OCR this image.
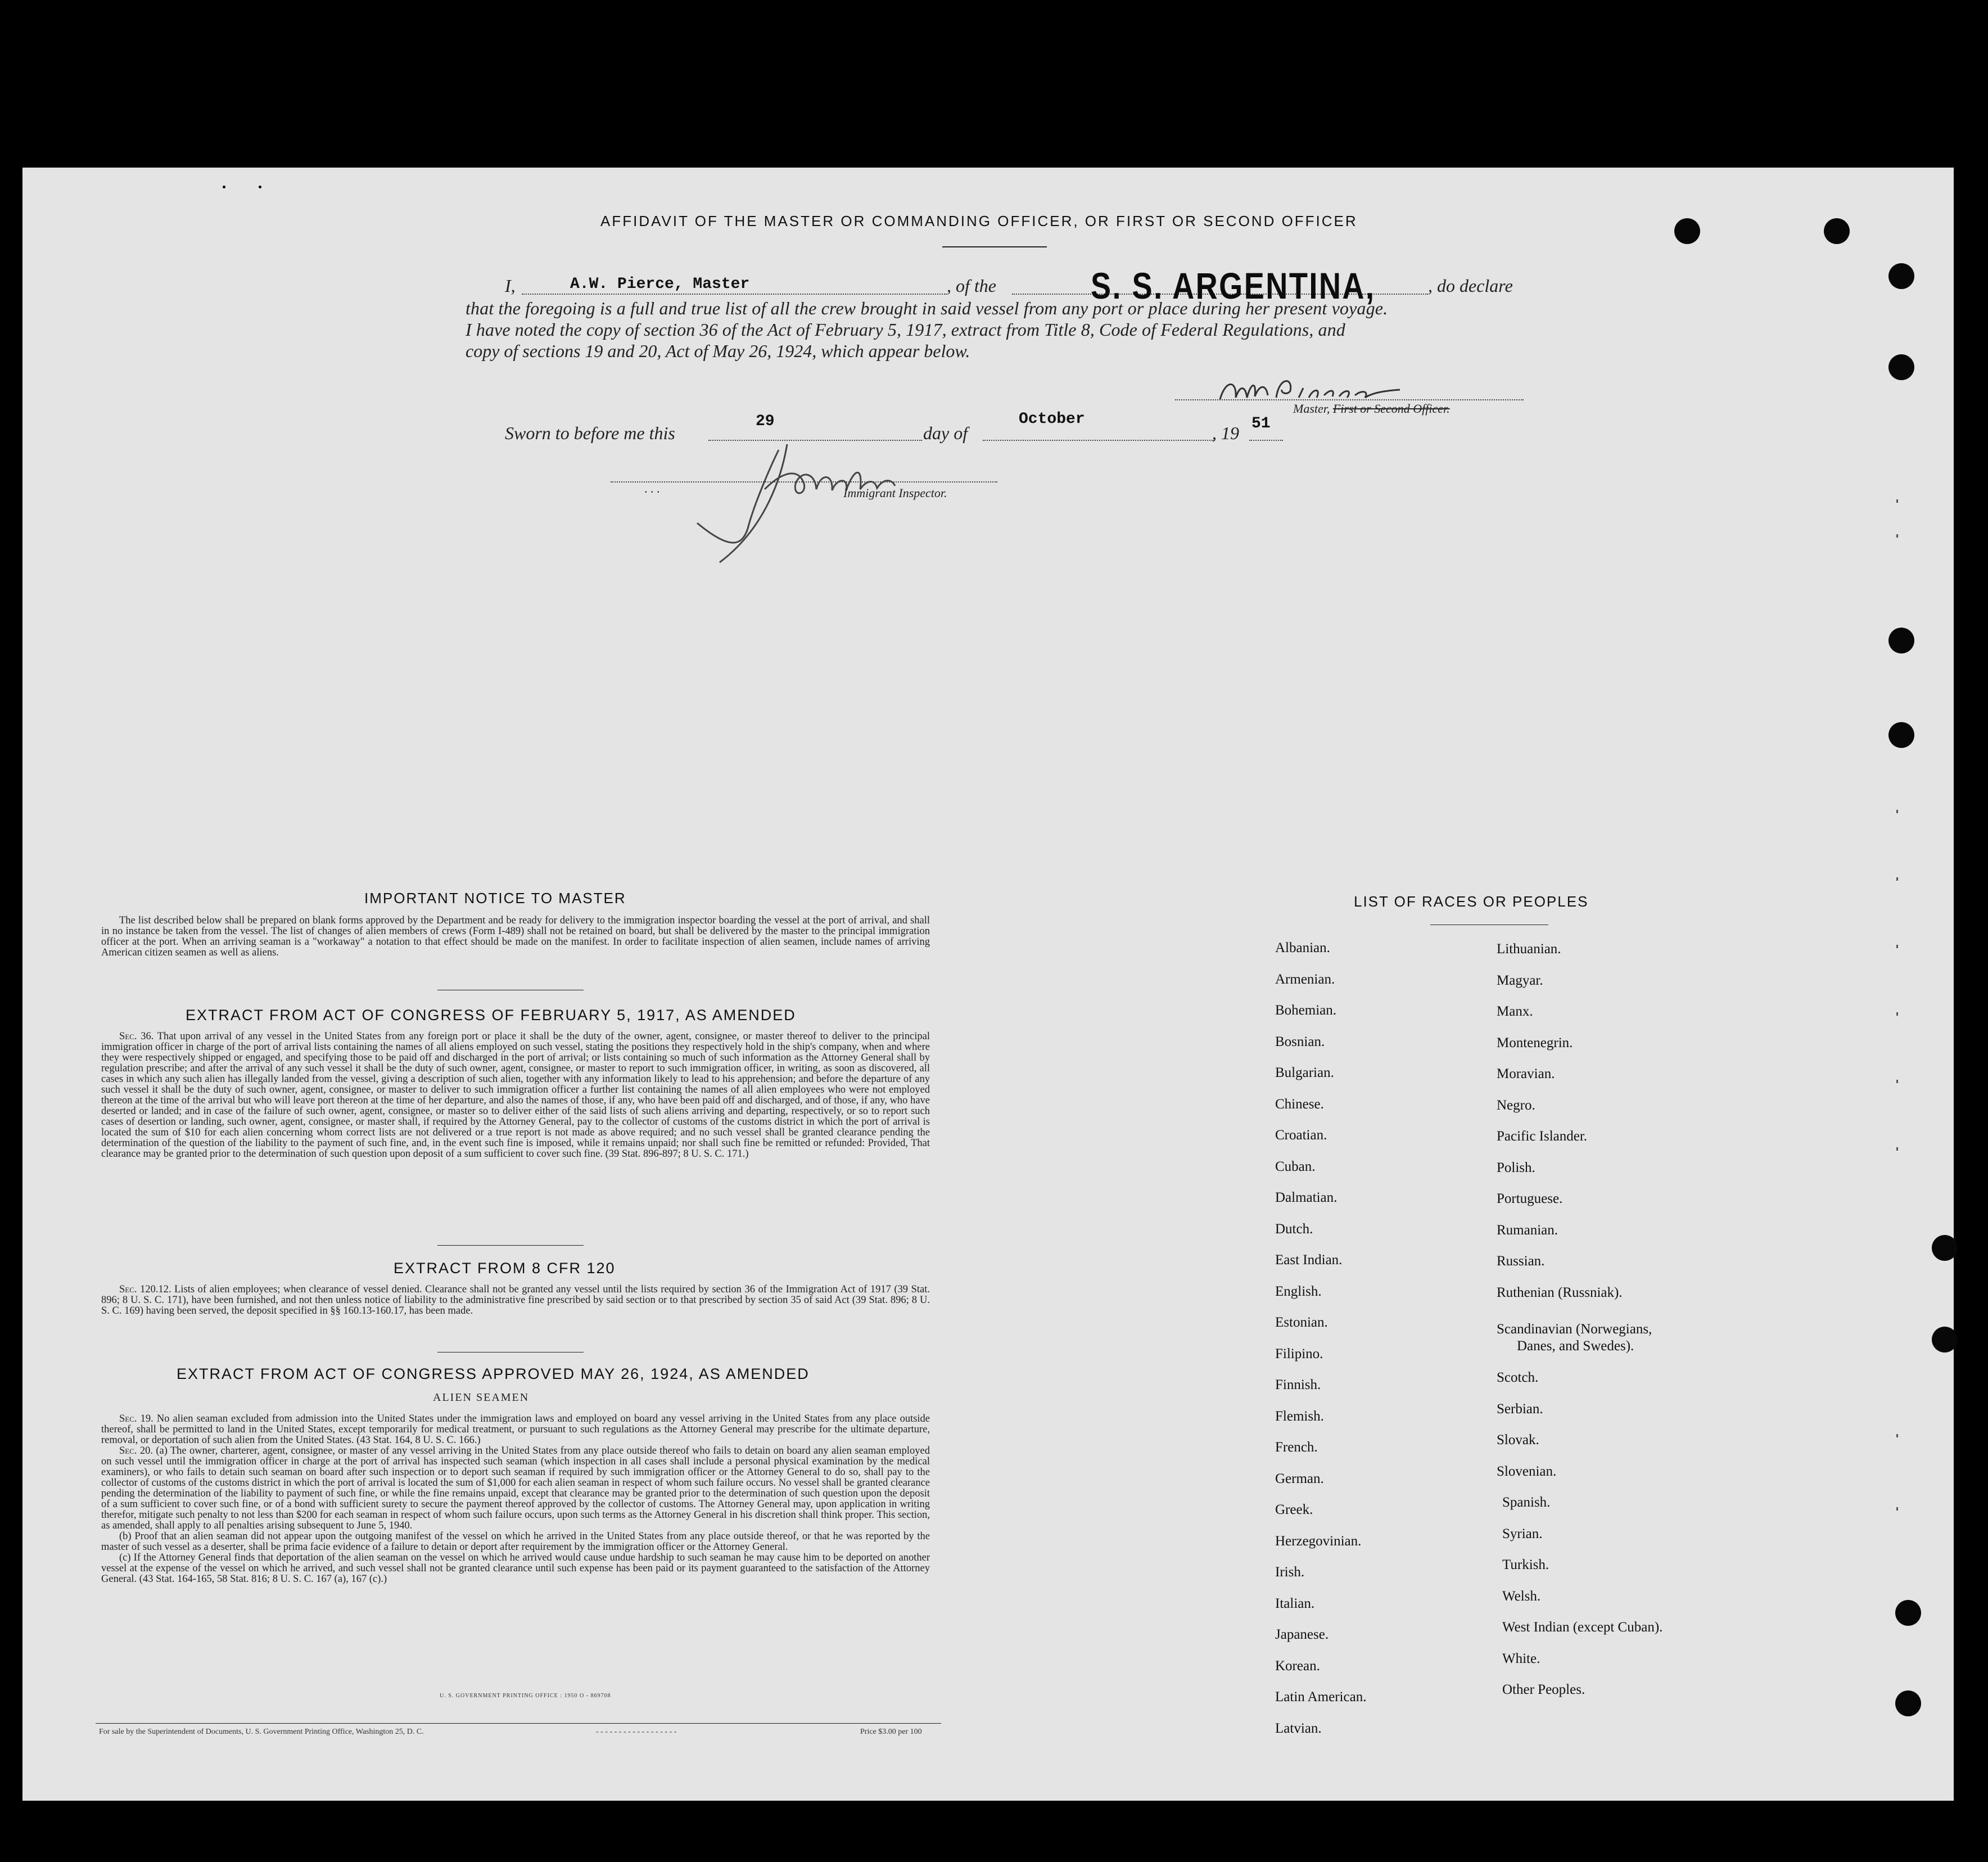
AFFIDAVIT OF THE MASTER OR COMMANDING OFFICER, OR FIRST OR SECOND OFFICER
I,	A.W. Pierce, Master	, of the	S. S. ARGENTINA,	, do declare
that the foregoing is a full and true list of all the crew brought in said vessel from any port or place during her present voyage.
I have noted the copy of section 36 of the Act of February 5, 1917, extract from Title 8, Code of Federal Regulations, and
copy of sections 19 and 20, Act of May 26, 1924, which appear below.
Master, First or Second Officer.
Sworn to before me this
29
day of
October
, 19 51
. . .	Immigrant Inspector.
IMPORTANT NOTICE TO MASTER

The list described below shall be prepared on blank forms approved by the Department and be ready for delivery to the immigration inspector boarding the vessel at the port of arrival, and shall in no instance be taken from the vessel. The list of changes of alien members of crews (Form I-489) shall not be retained on board, but shall be delivered by the master to the principal immigration officer at the port. When an arriving seaman is a "workaway" a notation to that effect should be made on the manifest. In order to facilitate inspection of alien seamen, include names of arriving American citizen seamen as well as aliens.

EXTRACT FROM ACT OF CONGRESS OF FEBRUARY 5, 1917, AS AMENDED

Sec. 36. That upon arrival of any vessel in the United States from any foreign port or place it shall be the duty of the owner, agent, consignee, or master thereof to deliver to the principal immigration officer in charge of the port of arrival lists containing the names of all aliens employed on such vessel, stating the positions they respectively hold in the ship's company, when and where they were respectively shipped or engaged, and specifying those to be paid off and discharged in the port of arrival; or lists containing so much of such information as the Attorney General shall by regulation prescribe; and after the arrival of any such vessel it shall be the duty of such owner, agent, consignee, or master to report to such immigration officer, in writing, as soon as discovered, all cases in which any such alien has illegally landed from the vessel, giving a description of such alien, together with any information likely to lead to his apprehension; and before the departure of any such vessel it shall be the duty of such owner, agent, consignee, or master to deliver to such immigration officer a further list containing the names of all alien employees who were not employed thereon at the time of the arrival but who will leave port thereon at the time of her departure, and also the names of those, if any, who have been paid off and discharged, and of those, if any, who have deserted or landed; and in case of the failure of such owner, agent, consignee, or master so to deliver either of the said lists of such aliens arriving and departing, respectively, or so to report such cases of desertion or landing, such owner, agent, consignee, or master shall, if required by the Attorney General, pay to the collector of customs of the customs district in which the port of arrival is located the sum of $10 for each alien concerning whom correct lists are not delivered or a true report is not made as above required; and no such vessel shall be granted clearance pending the determination of the question of the liability to the payment of such fine, and, in the event such fine is imposed, while it remains unpaid; nor shall such fine be remitted or refunded: Provided, That clearance may be granted prior to the determination of such question upon deposit of a sum sufficient to cover such fine. (39 Stat. 896-897; 8 U. S. C. 171.)

EXTRACT FROM 8 CFR 120

Sec. 120.12. Lists of alien employees; when clearance of vessel denied. Clearance shall not be granted any vessel until the lists required by section 36 of the Immigration Act of 1917 (39 Stat. 896; 8 U. S. C. 171), have been furnished, and not then unless notice of liability to the administrative fine prescribed by said section or to that prescribed by section 35 of said Act (39 Stat. 896; 8 U. S. C. 169) having been served, the deposit specified in §§ 160.13-160.17, has been made.

EXTRACT FROM ACT OF CONGRESS APPROVED MAY 26, 1924, AS AMENDED
ALIEN SEAMEN

Sec. 19. No alien seaman excluded from admission into the United States under the immigration laws and employed on board any vessel arriving in the United States from any place outside thereof, shall be permitted to land in the United States, except temporarily for medical treatment, or pursuant to such regulations as the Attorney General may prescribe for the ultimate departure, removal, or deportation of such alien from the United States. (43 Stat. 164, 8 U. S. C. 166.)

Sec. 20. (a) The owner, charterer, agent, consignee, or master of any vessel arriving in the United States from any place outside thereof who fails to detain on board any alien seaman employed on such vessel until the immigration officer in charge at the port of arrival has inspected such seaman (which inspection in all cases shall include a personal physical examination by the medical examiners), or who fails to detain such seaman on board after such inspection or to deport such seaman if required by such immigration officer or the Attorney General to do so, shall pay to the collector of customs of the customs district in which the port of arrival is located the sum of $1,000 for each alien seaman in respect of whom such failure occurs. No vessel shall be granted clearance pending the determination of the liability to payment of such fine, or while the fine remains unpaid, except that clearance may be granted prior to the determination of such question upon the deposit of a sum sufficient to cover such fine, or of a bond with sufficient surety to secure the payment thereof approved by the collector of customs. The Attorney General may, upon application in writing therefor, mitigate such penalty to not less than $200 for each seaman in respect of whom such failure occurs, upon such terms as the Attorney General in his discretion shall think proper. This section, as amended, shall apply to all penalties arising subsequent to June 5, 1940.

(b) Proof that an alien seaman did not appear upon the outgoing manifest of the vessel on which he arrived in the United States from any place outside thereof, or that he was reported by the master of such vessel as a deserter, shall be prima facie evidence of a failure to detain or deport after requirement by the immigration officer or the Attorney General.

(c) If the Attorney General finds that deportation of the alien seaman on the vessel on which he arrived would cause undue hardship to such seaman he may cause him to be deported on another vessel at the expense of the vessel on which he arrived, and such vessel shall not be granted clearance until such expense has been paid or its payment guaranteed to the satisfaction of the Attorney General. (43 Stat. 164-165, 58 Stat. 816; 8 U. S. C. 167 (a), 167 (c).)

U. S. GOVERNMENT PRINTING OFFICE : 1950 O - 869708
For sale by the Superintendent of Documents, U. S. Government Printing Office, Washington 25, D. C.	- - - - - - - - - - - - - - - - - -	Price $3.00 per 100
LIST OF RACES OR PEOPLES
Albanian.
Armenian.
Bohemian.
Bosnian.
Bulgarian.
Chinese.
Croatian.
Cuban.
Dalmatian.
Dutch.
East Indian.
English.
Estonian.
Filipino.
Finnish.
Flemish.
French.
German.
Greek.
Herzegovinian.
Irish.
Italian.
Japanese.
Korean.
Latin American.
Latvian.
Lithuanian.
Magyar.
Manx.
Montenegrin.
Moravian.
Negro.
Pacific Islander.
Polish.
Portuguese.
Rumanian.
Russian.
Ruthenian (Russniak).
Scandinavian (Norwegians,
Scotch.
Serbian.
Slovak.
Slovenian.
Spanish.
Syrian.
Turkish.
Welsh.
West Indian (except Cuban).
White.
Other Peoples.
Danes, and Swedes).
